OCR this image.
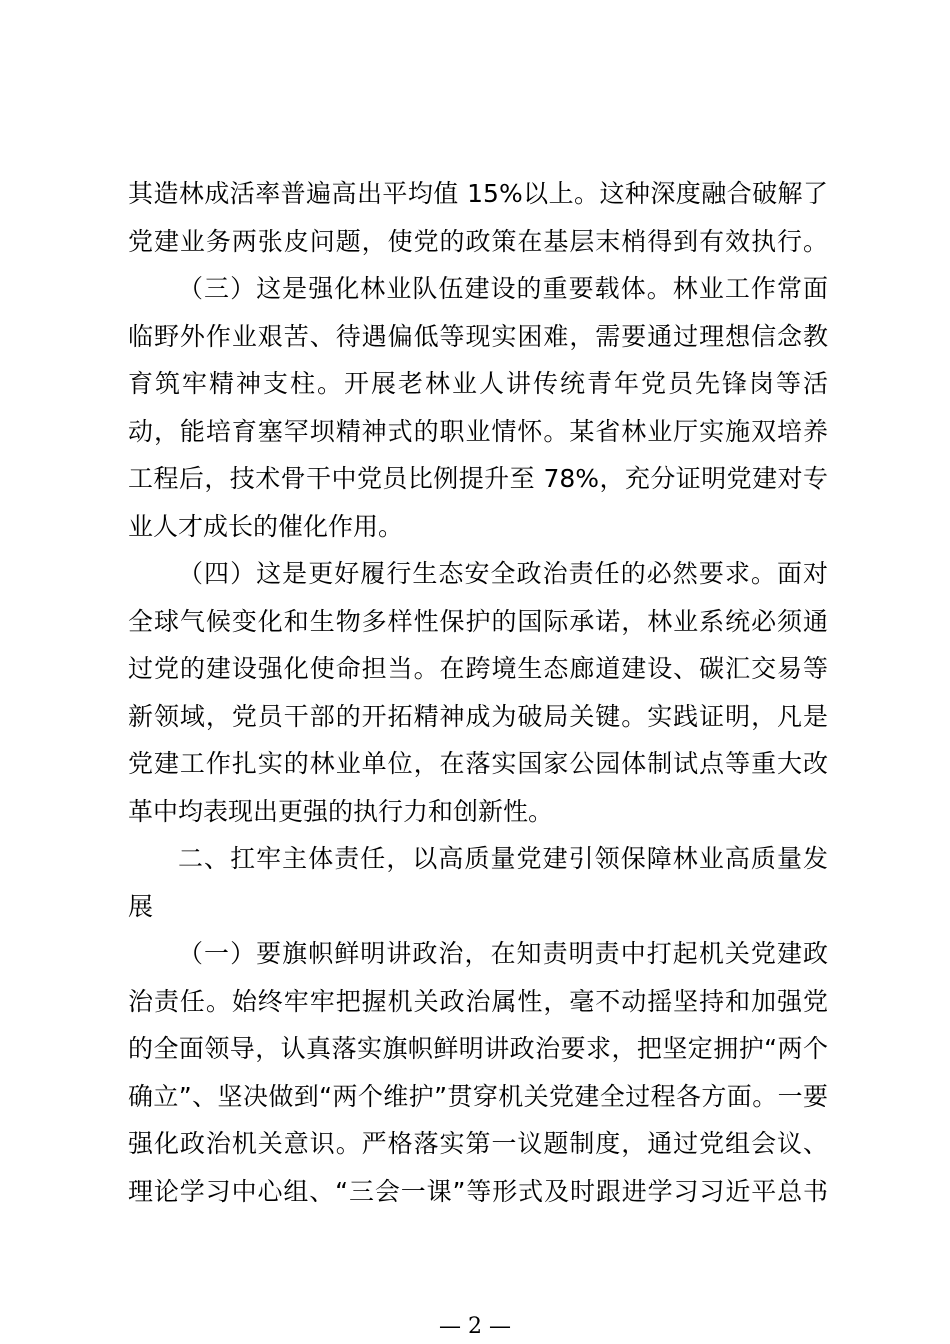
其造林成活率普遍高出平均值 15%以上。这种深度融合破解了
党建业务两张皮问题，使党的政策在基层末梢得到有效执行。
（三）这是强化林业队伍建设的重要载体。林业工作常面
临野外作业艰苦、待遇偏低等现实困难，需要通过理想信念教
育筑牢精神支柱。开展老林业人讲传统青年党员先锋岗等活
动，能培育塞罕坝精神式的职业情怀。某省林业厅实施双培养
工程后，技术骨干中党员比例提升至 78%，充分证明党建对专
业人才成长的催化作用。
（四）这是更好履行生态安全政治责任的必然要求。面对
全球气候变化和生物多样性保护的国际承诺，林业系统必须通
过党的建设强化使命担当。在跨境生态廊道建设、碳汇交易等
新领域，党员干部的开拓精神成为破局关键。实践证明，凡是
党建工作扎实的林业单位，在落实国家公园体制试点等重大改
革中均表现出更强的执行力和创新性。
二、扛牢主体责任，以高质量党建引领保障林业高质量发
展
（一）要旗帜鲜明讲政治，在知责明责中打起机关党建政
治责任。始终牢牢把握机关政治属性，毫不动摇坚持和加强党
的全面领导，认真落实旗帜鲜明讲政治要求，把坚定拥护“两个
确立”、坚决做到“两个维护”贯穿机关党建全过程各方面。一要
强化政治机关意识。严格落实第一议题制度，通过党组会议、
理论学习中心组、“三会一课”等形式及时跟进学习习近平总书
— 2 —
